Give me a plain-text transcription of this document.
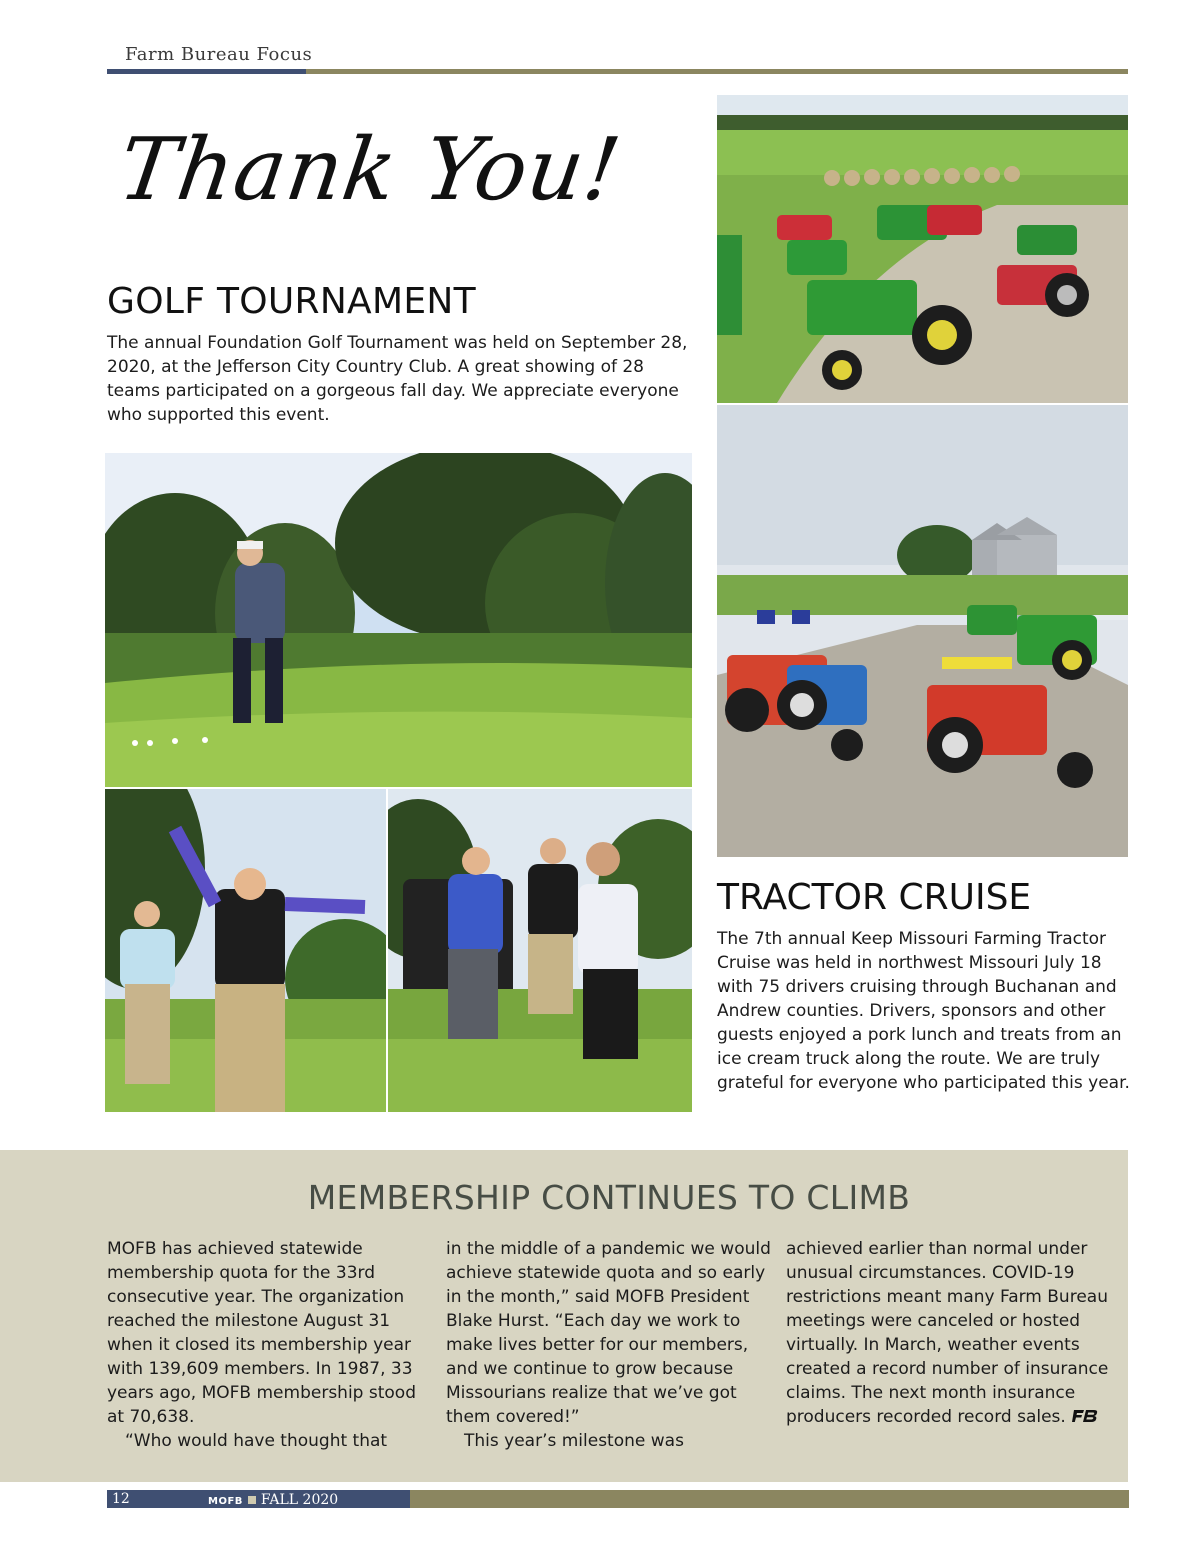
Farm Bureau Focus
Thank You!
GOLF TOURNAMENT
The annual Foundation Golf Tournament was held on September 28, 2020, at the Jefferson City Country Club. A great showing of 28 teams participated on a gorgeous fall day. We appreciate everyone who supported this event.
TRACTOR CRUISE
The 7th annual Keep Missouri Farming Tractor Cruise was held in northwest Missouri July 18 with 75 drivers cruising through Buchanan and Andrew counties. Drivers, sponsors and other guests enjoyed a pork lunch and treats from an ice cream truck along the route. We are truly grateful for everyone who participated this year.
MEMBERSHIP CONTINUES TO CLIMB
MOFB has achieved statewide membership quota for the 33rd consecutive year. The organization reached the milestone August 31 when it closed its membership year with 139,609 members. In 1987, 33 years ago, MOFB membership stood at 70,638.
“Who would have thought that
in the middle of a pandemic we would achieve statewide quota and so early in the month,” said MOFB President Blake Hurst. “Each day we work to make lives better for our members, and we continue to grow because Missourians realize that we’ve got them covered!”
This year’s milestone was
achieved earlier than normal under unusual circumstances. COVID-19 restrictions meant many Farm Bureau meetings were canceled or hosted virtually. In March, weather events created a record number of insurance claims. The next month insurance producers recorded record sales.
12	MOFB FALL 2020
